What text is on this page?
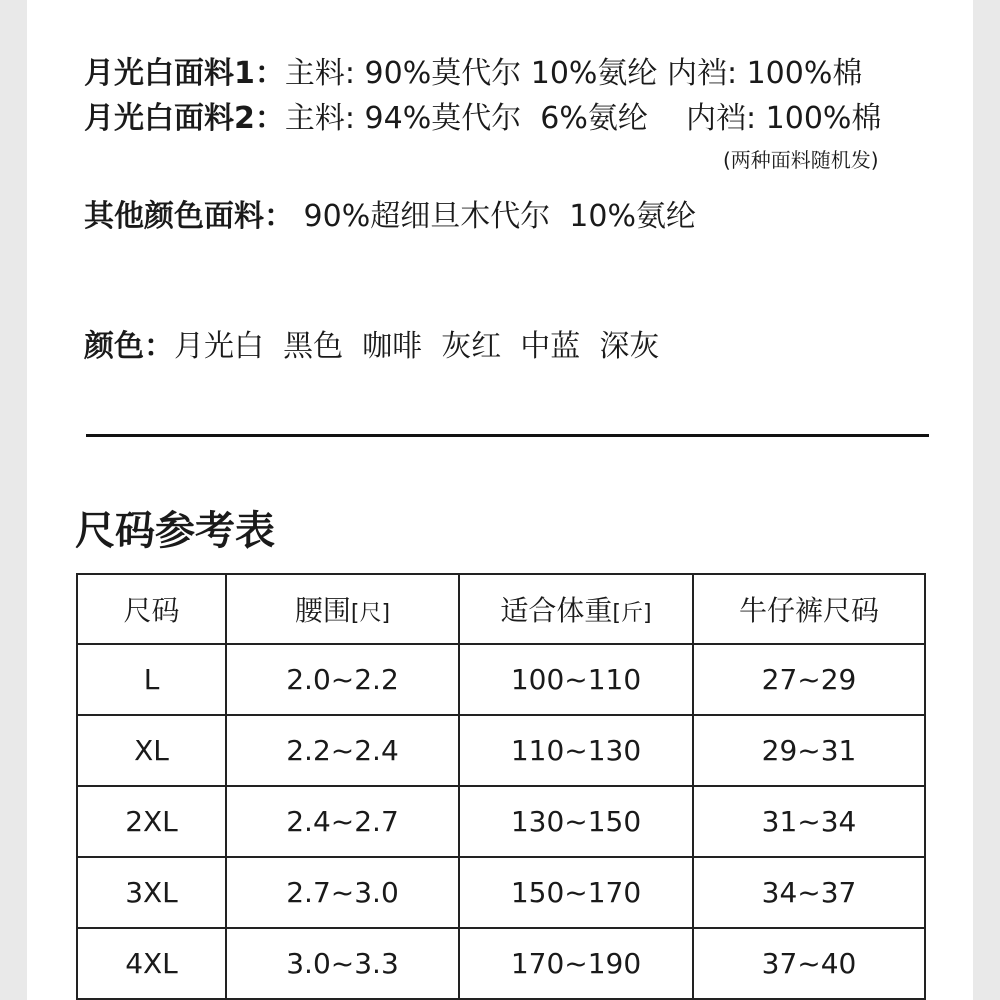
月光白面料1：主料: 90%莫代尔 10%氨纶 内裆: 100%棉
月光白面料2：主料: 94%莫代尔  6%氨纶    内裆: 100%棉
(两种面料随机发)
其他颜色面料： 90%超细旦木代尔  10%氨纶
颜色：月光白  黑色  咖啡  灰红  中蓝  深灰
尺码参考表
尺码	腰围[尺]	适合体重[斤]	牛仔裤尺码
L	2.0~2.2	100~110	27~29
XL	2.2~2.4	110~130	29~31
2XL	2.4~2.7	130~150	31~34
3XL	2.7~3.0	150~170	34~37
4XL	3.0~3.3	170~190	37~40
